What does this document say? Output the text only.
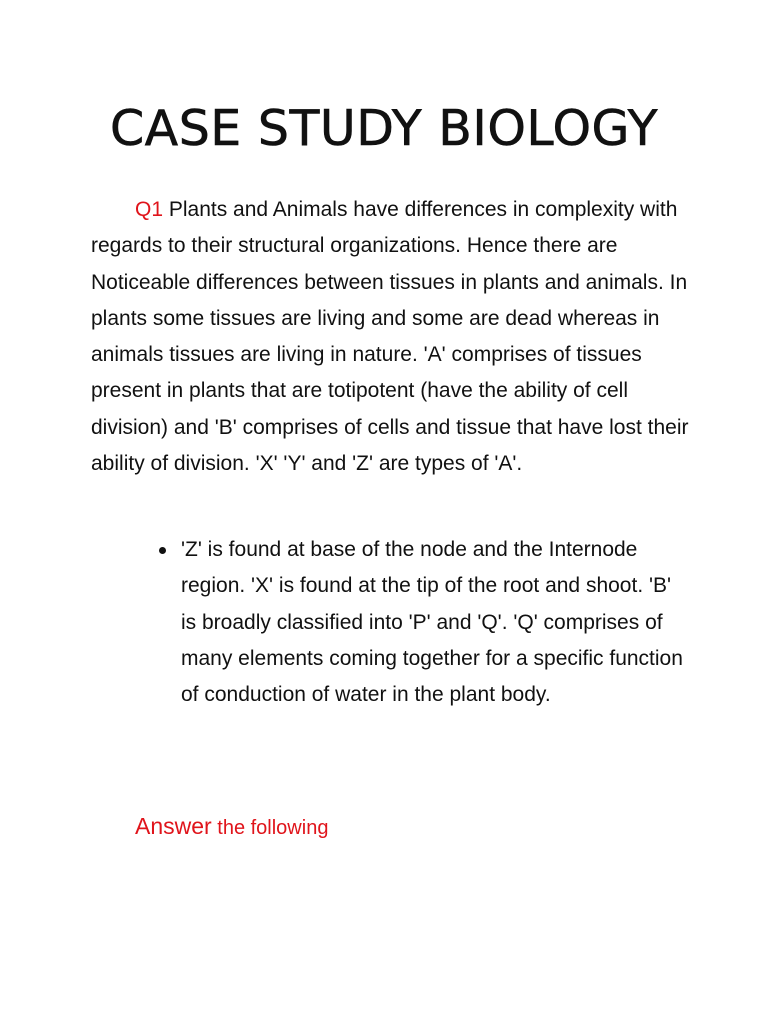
CASE STUDY BIOLOGY

Q1 Plants and Animals have differences in complexity with regards to their structural organizations. Hence there are Noticeable differences between tissues in plants and animals. In plants some tissues are living and some are dead whereas in animals tissues are living in nature. 'A' comprises of tissues present in plants that are totipotent (have the ability of cell division) and 'B' comprises of cells and tissue that have lost their ability of division. 'X' 'Y' and 'Z' are types of 'A'.

'Z' is found at base of the node and the Internode region. 'X' is found at the tip of the root and shoot. 'B' is broadly classified into 'P' and 'Q'. 'Q' comprises of many elements coming together for a specific function of conduction of water in the plant body.

Answer the following
